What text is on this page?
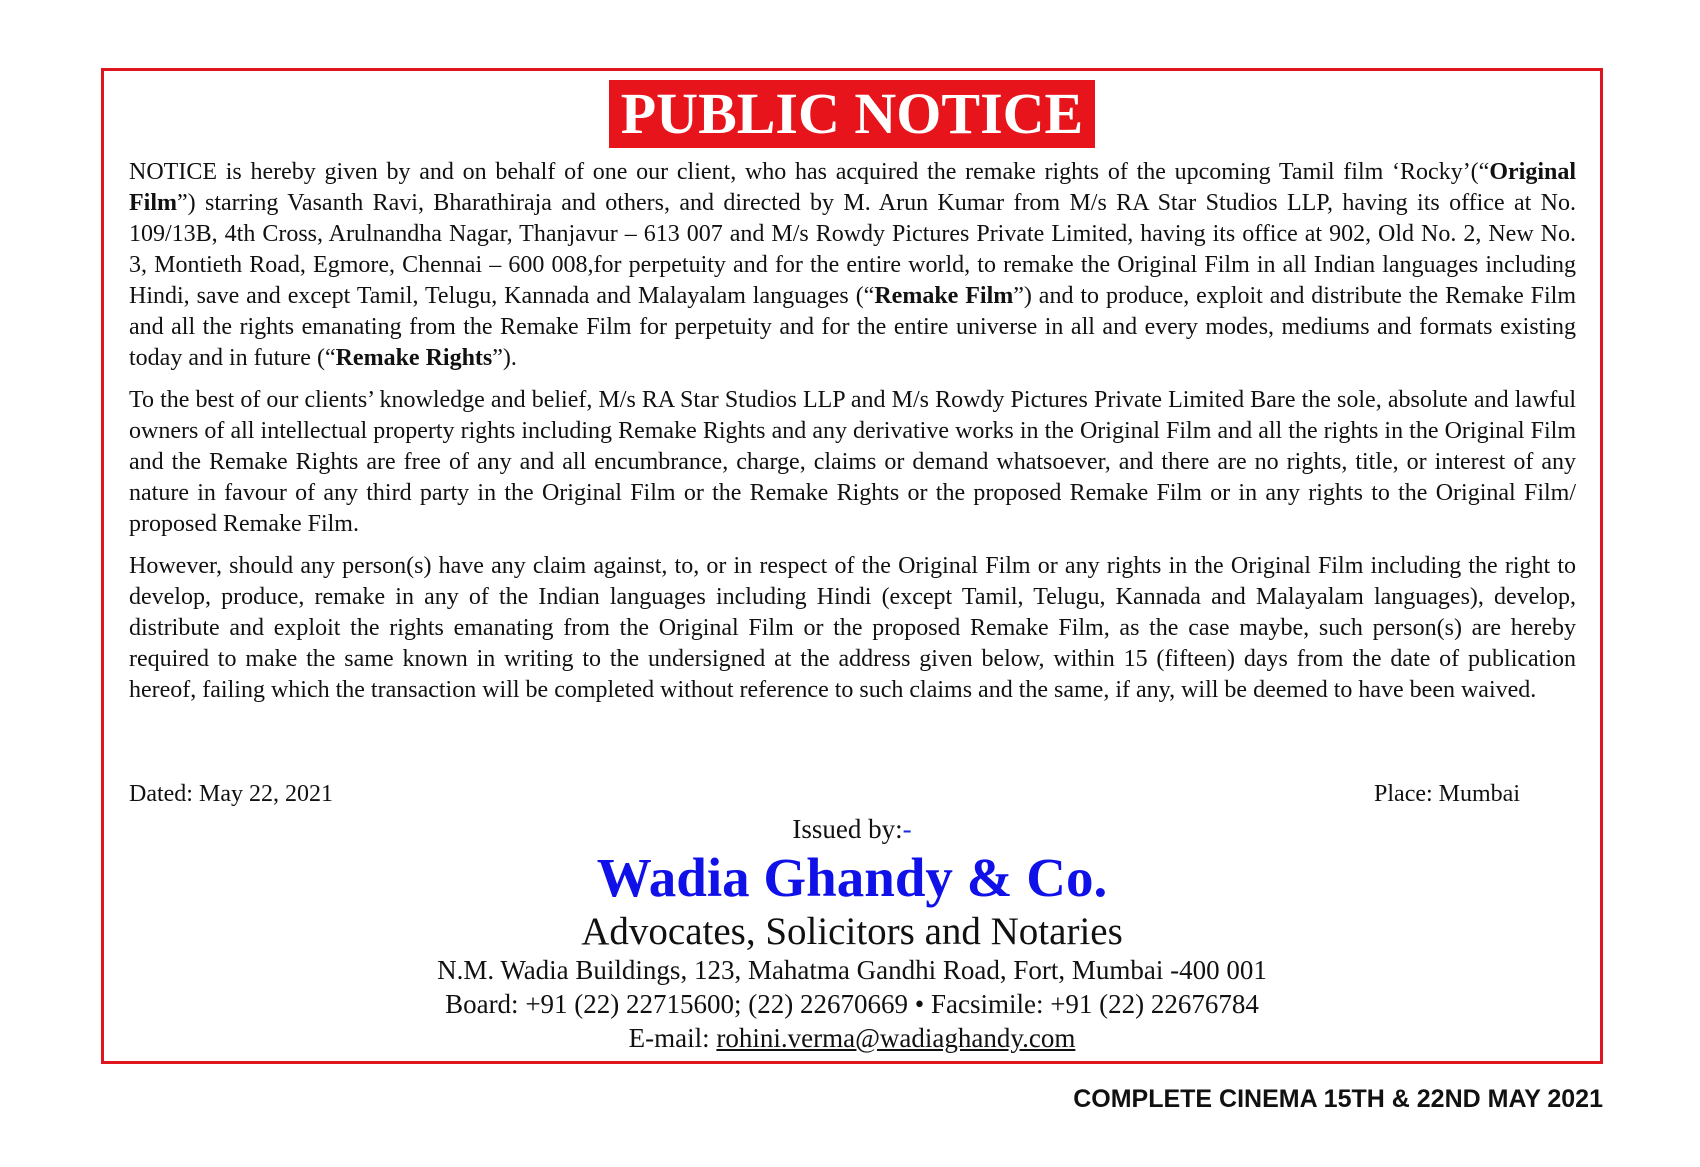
PUBLIC NOTICE

NOTICE is hereby given by and on behalf of one our client, who has acquired the remake rights of the upcoming Tamil film ‘Rocky’(“Original Film”) starring Vasanth Ravi, Bharathiraja and others, and directed by M. Arun Kumar from M/s RA Star Studios LLP, having its office at No. 109/13B, 4th Cross, Arulnandha Nagar, Thanjavur – 613 007 and M/s Rowdy Pictures Private Limited, having its office at 902, Old No. 2, New No. 3, Montieth Road, Egmore, Chennai – 600 008,for perpetuity and for the entire world, to remake the Original Film in all Indian languages including Hindi, save and except Tamil, Telugu, Kannada and Malayalam languages (“Remake Film”) and to produce, exploit and distribute the Remake Film and all the rights emanating from the Remake Film for perpetuity and for the entire universe in all and every modes, mediums and formats existing today and in future (“Remake Rights”).

To the best of our clients’ knowledge and belief, M/s RA Star Studios LLP and M/s Rowdy Pictures Private Limited Bare the sole, absolute and lawful owners of all intellectual property rights including Remake Rights and any derivative works in the Original Film and all the rights in the Original Film and the Remake Rights are free of any and all encumbrance, charge, claims or demand whatsoever, and there are no rights, title, or interest of any nature in favour of any third party in the Original Film or the Remake Rights or the proposed Remake Film or in any rights to the Original Film/ proposed Remake Film.

However, should any person(s) have any claim against, to, or in respect of the Original Film or any rights in the Original Film including the right to develop, produce, remake in any of the Indian languages including Hindi (except Tamil, Telugu, Kannada and Malayalam languages), develop, distribute and exploit the rights emanating from the Original Film or the proposed Remake Film, as the case maybe, such person(s) are hereby required to make the same known in writing to the undersigned at the address given below, within 15 (fifteen) days from the date of publication hereof, failing which the transaction will be completed without reference to such claims and the same, if any, will be deemed to have been waived.

Dated: May 22, 2021	Place: Mumbai
Issued by:-
Wadia Ghandy & Co.
Advocates, Solicitors and Notaries
N.M. Wadia Buildings, 123, Mahatma Gandhi Road, Fort, Mumbai -400 001
Board: +91 (22) 22715600; (22) 22670669 • Facsimile: +91 (22) 22676784
E-mail: rohini.verma@wadiaghandy.com
COMPLETE CINEMA 15TH & 22ND MAY 2021
